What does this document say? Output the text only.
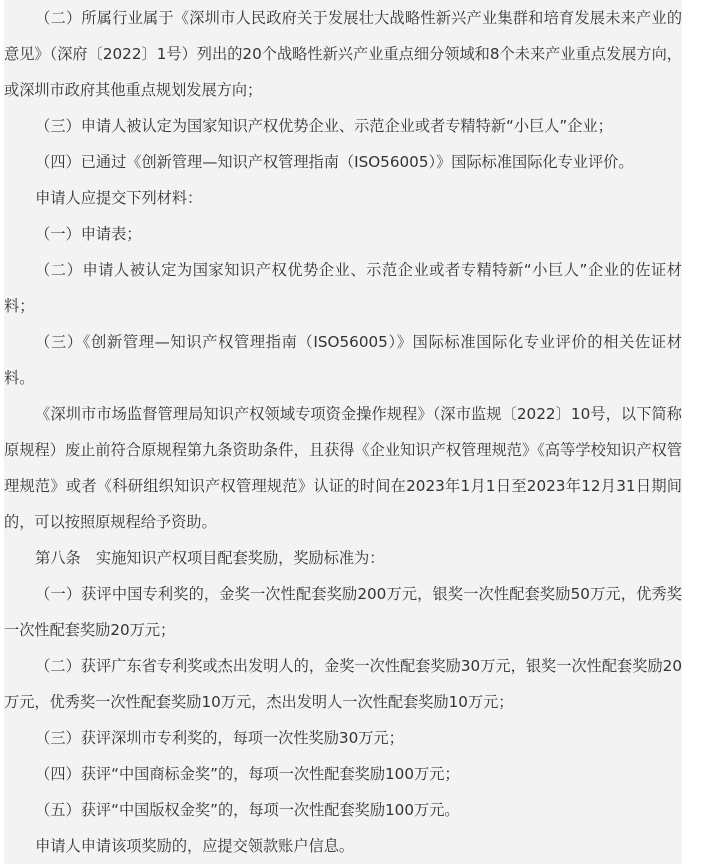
（二）所属行业属于《深圳市人民政府关于发展壮大战略性新兴产业集群和培育发展未来产业的意见》（深府〔2022〕1号）列出的20个战略性新兴产业重点细分领域和8个未来产业重点发展方向，或深圳市政府其他重点规划发展方向；

（三）申请人被认定为国家知识产权优势企业、示范企业或者专精特新“小巨人”企业；

（四）已通过《创新管理—知识产权管理指南（ISO56005）》国际标准国际化专业评价。

申请人应提交下列材料：

（一）申请表；

（二）申请人被认定为国家知识产权优势企业、示范企业或者专精特新“小巨人”企业的佐证材料；

（三）《创新管理—知识产权管理指南（ISO56005）》国际标准国际化专业评价的相关佐证材料。

《深圳市市场监督管理局知识产权领域专项资金操作规程》（深市监规〔2022〕10号，以下简称原规程）废止前符合原规程第九条资助条件，且获得《企业知识产权管理规范》《高等学校知识产权管理规范》或者《科研组织知识产权管理规范》认证的时间在2023年1月1日至2023年12月31日期间的，可以按照原规程给予资助。

第八条　实施知识产权项目配套奖励，奖励标准为：

（一）获评中国专利奖的，金奖一次性配套奖励200万元，银奖一次性配套奖励50万元，优秀奖一次性配套奖励20万元；

（二）获评广东省专利奖或杰出发明人的，金奖一次性配套奖励30万元，银奖一次性配套奖励20万元，优秀奖一次性配套奖励10万元，杰出发明人一次性配套奖励10万元；

（三）获评深圳市专利奖的，每项一次性奖励30万元；

（四）获评“中国商标金奖”的，每项一次性配套奖励100万元；

（五）获评“中国版权金奖”的，每项一次性配套奖励100万元。

申请人申请该项奖励的，应提交领款账户信息。
